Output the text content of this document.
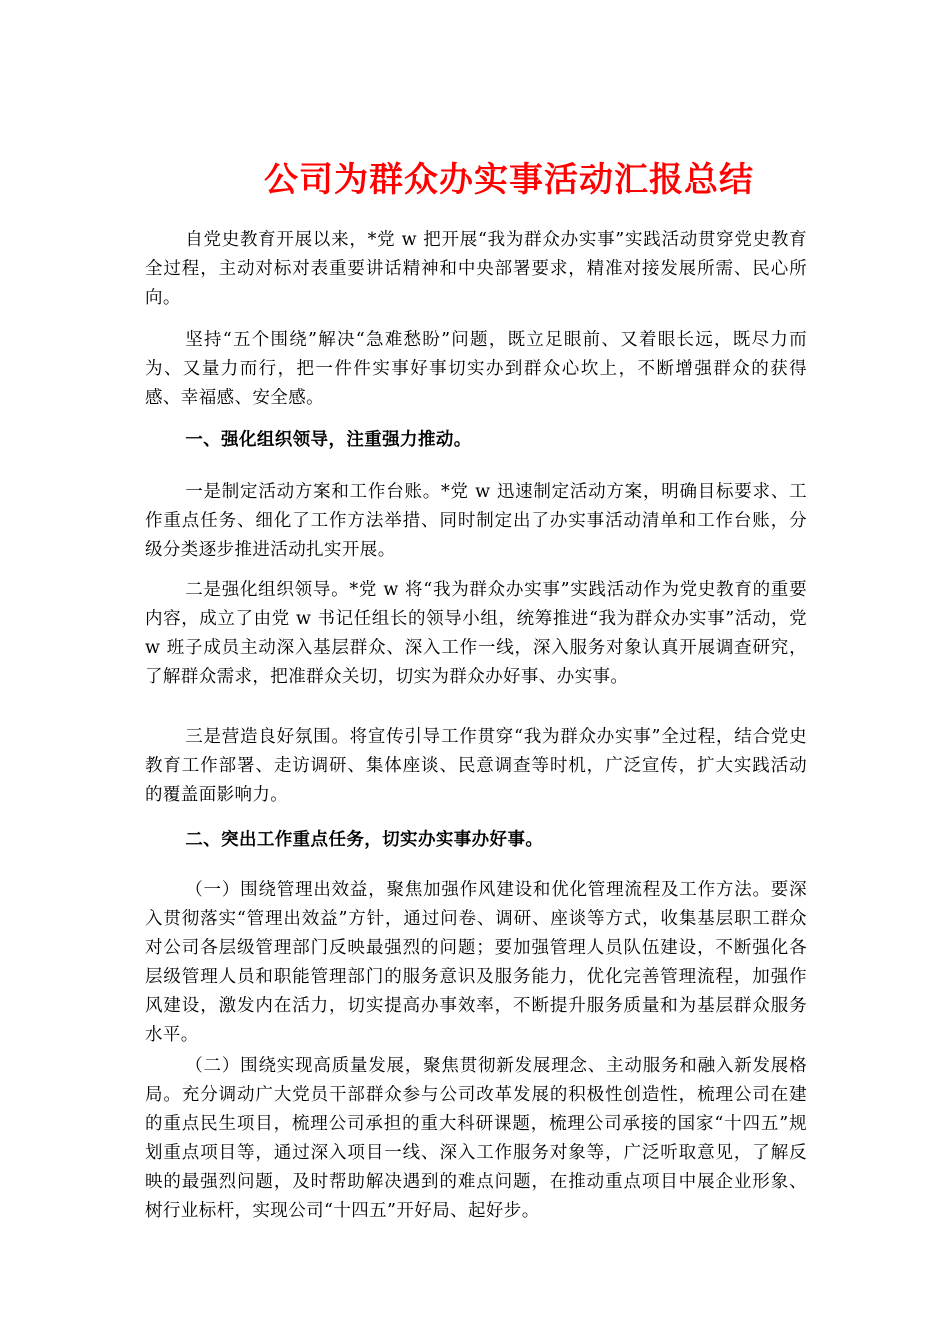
公司为群众办实事活动汇报总结

自党史教育开展以来，*党 w 把开展“我为群众办实事”实践活动贯穿党史教育全过程，主动对标对表重要讲话精神和中央部署要求，精准对接发展所需、民心所向。

坚持“五个围绕”解决“急难愁盼”问题，既立足眼前、又着眼长远，既尽力而为、又量力而行，把一件件实事好事切实办到群众心坎上，不断增强群众的获得感、幸福感、安全感。

一、强化组织领导，注重强力推动。

一是制定活动方案和工作台账。*党 w 迅速制定活动方案，明确目标要求、工作重点任务、细化了工作方法举措、同时制定出了办实事活动清单和工作台账，分级分类逐步推进活动扎实开展。

二是强化组织领导。*党 w 将“我为群众办实事”实践活动作为党史教育的重要内容，成立了由党 w 书记任组长的领导小组，统筹推进“我为群众办实事”活动，党 w 班子成员主动深入基层群众、深入工作一线，深入服务对象认真开展调查研究，了解群众需求，把准群众关切，切实为群众办好事、办实事。

三是营造良好氛围。将宣传引导工作贯穿“我为群众办实事”全过程，结合党史教育工作部署、走访调研、集体座谈、民意调查等时机，广泛宣传，扩大实践活动的覆盖面影响力。

二、突出工作重点任务，切实办实事办好事。

（一）围绕管理出效益，聚焦加强作风建设和优化管理流程及工作方法。要深入贯彻落实“管理出效益”方针，通过问卷、调研、座谈等方式，收集基层职工群众对公司各层级管理部门反映最强烈的问题；要加强管理人员队伍建设，不断强化各层级管理人员和职能管理部门的服务意识及服务能力，优化完善管理流程，加强作风建设，激发内在活力，切实提高办事效率，不断提升服务质量和为基层群众服务水平。

（二）围绕实现高质量发展，聚焦贯彻新发展理念、主动服务和融入新发展格局。充分调动广大党员干部群众参与公司改革发展的积极性创造性，梳理公司在建的重点民生项目，梳理公司承担的重大科研课题，梳理公司承接的国家“十四五”规划重点项目等，通过深入项目一线、深入工作服务对象等，广泛听取意见，了解反映的最强烈问题，及时帮助解决遇到的难点问题，在推动重点项目中展企业形象、树行业标杆，实现公司“十四五”开好局、起好步。
